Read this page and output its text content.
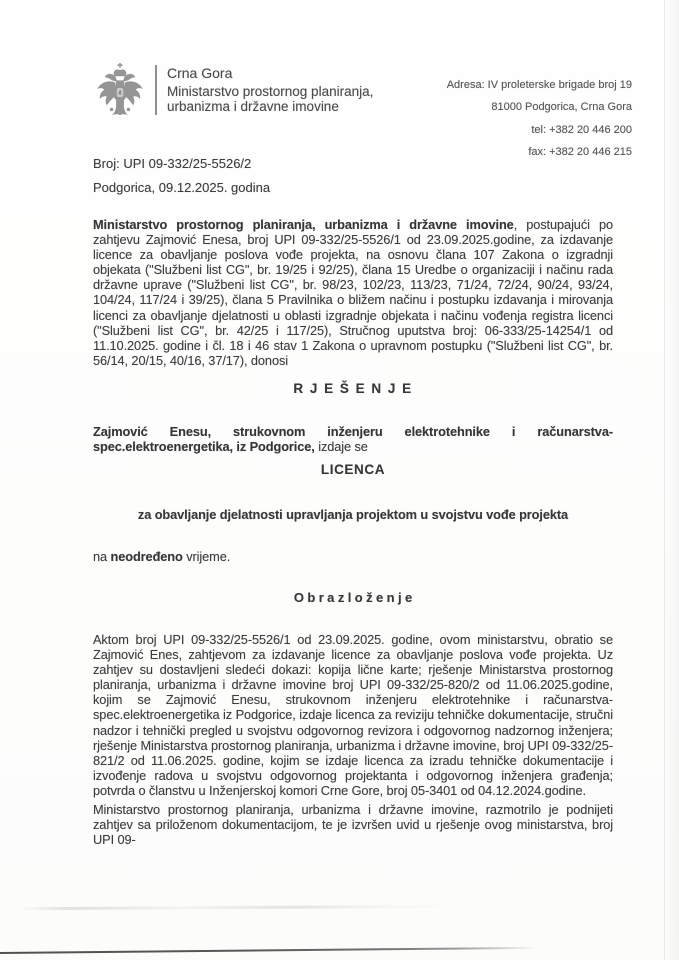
Crna Gora
Ministarstvo prostornog planiranja,
urbanizma i državne imovine
Adresa: IV proleterske brigade broj 19
81000 Podgorica, Crna Gora
tel: +382 20 446 200
fax: +382 20 446 215
Broj: UPI 09-332/25-5526/2
Podgorica, 09.12.2025. godina

Ministarstvo prostornog planiranja, urbanizma i državne imovine, postupajući po zahtjevu Zajmović Enesa, broj UPI 09-332/25-5526/1 od 23.09.2025.godine, za izdavanje licence za obavljanje poslova vođe projekta, na osnovu člana 107 Zakona o izgradnji objekata ("Službeni list CG", br. 19/25 i 92/25), člana 15 Uredbe o organizaciji i načinu rada državne uprave ("Službeni list CG", br. 98/23, 102/23, 113/23, 71/24, 72/24, 90/24, 93/24, 104/24, 117/24 i 39/25), člana 5 Pravilnika o bližem načinu i postupku izdavanja i mirovanja licenci za obavljanje djelatnosti u oblasti izgradnje objekata i načinu vođenja registra licenci ("Službeni list CG", br. 42/25 i 117/25), Stručnog uputstva broj: 06-333/25-14254/1 od 11.10.2025. godine i čl. 18 i 46 stav 1 Zakona o upravnom postupku ("Službeni list CG", br. 56/14, 20/15, 40/16, 37/17), donosi

R J E Š E N J E

Zajmović Enesu, strukovnom inženjeru elektrotehnike i računarstva-spec.elektroenergetika, iz Podgorice, izdaje se

LICENCA
za obavljanje djelatnosti upravljanja projektom u svojstvu vođe projekta

na neodređeno vrijeme.

O b r a z l o ž e n j e

Aktom broj UPI 09-332/25-5526/1 od 23.09.2025. godine, ovom ministarstvu, obratio se Zajmović Enes, zahtjevom za izdavanje licence za obavljanje poslova vođe projekta. Uz zahtjev su dostavljeni sledeći dokazi: kopija lične karte; rješenje Ministarstva prostornog planiranja, urbanizma i državne imovine broj UPI 09-332/25-820/2 od 11.06.2025.godine, kojim se Zajmović Enesu, strukovnom inženjeru elektrotehnike i računarstva-spec.elektroenergetika iz Podgorice, izdaje licenca za reviziju tehničke dokumentacije, stručni nadzor i tehnički pregled u svojstvu odgovornog revizora i odgovornog nadzornog inženjera; rješenje Ministarstva prostornog planiranja, urbanizma i državne imovine, broj UPI 09-332/25-821/2 od 11.06.2025. godine, kojim se izdaje licenca za izradu tehničke dokumentacije i izvođenje radova u svojstvu odgovornog projektanta i odgovornog inženjera građenja; potvrda o članstvu u Inženjerskoj komori Crne Gore, broj 05-3401 od 04.12.2024.godine.

Ministarstvo prostornog planiranja, urbanizma i državne imovine, razmotrilo je podnijeti zahtjev sa priloženom dokumentacijom, te je izvršen uvid u rješenje ovog ministarstva, broj UPI 09-
